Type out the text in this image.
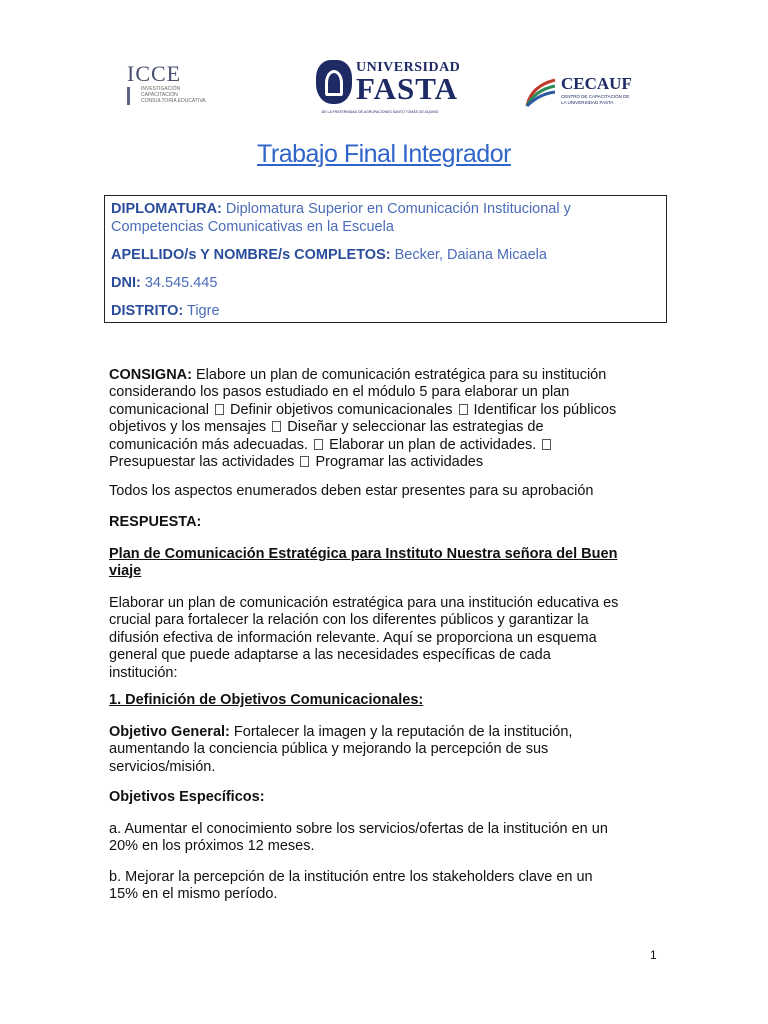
ICCE
INVESTIGACIÓN
CAPACITACIÓN
CONSULTORÍA EDUCATIVA
UNIVERSIDAD
FASTA
DE LA FRATERNIDAD DE AGRUPACIONES SANTO TOMÁS DE AQUINO
CECAUF
CENTRO DE CAPACITACIÓN DE LA UNIVERSIDAD FASTA
Trabajo Final Integrador
DIPLOMATURA: Diplomatura Superior en Comunicación Institucional y
Competencias Comunicativas en la Escuela
APELLIDO/s Y NOMBRE/s COMPLETOS: Becker, Daiana Micaela
DNI: 34.545.445
DISTRITO: Tigre
CONSIGNA: Elabore un plan de comunicación estratégica para su institución
considerando los pasos estudiado en el módulo 5 para elaborar un plan
comunicacional Definir objetivos comunicacionales Identificar los públicos
objetivos y los mensajes Diseñar y seleccionar las estrategias de
comunicación más adecuadas. Elaborar un plan de actividades.
Presupuestar las actividades Programar las actividades
Todos los aspectos enumerados deben estar presentes para su aprobación
RESPUESTA:
Plan de Comunicación Estratégica para Instituto Nuestra señora del Buen
viaje
Elaborar un plan de comunicación estratégica para una institución educativa es
crucial para fortalecer la relación con los diferentes públicos y garantizar la
difusión efectiva de información relevante. Aquí se proporciona un esquema
general que puede adaptarse a las necesidades específicas de cada
institución:
1. Definición de Objetivos Comunicacionales:
Objetivo General: Fortalecer la imagen y la reputación de la institución,
aumentando la conciencia pública y mejorando la percepción de sus
servicios/misión.
Objetivos Específicos:
a. Aumentar el conocimiento sobre los servicios/ofertas de la institución en un
20% en los próximos 12 meses.
b. Mejorar la percepción de la institución entre los stakeholders clave en un
15% en el mismo período.
1
